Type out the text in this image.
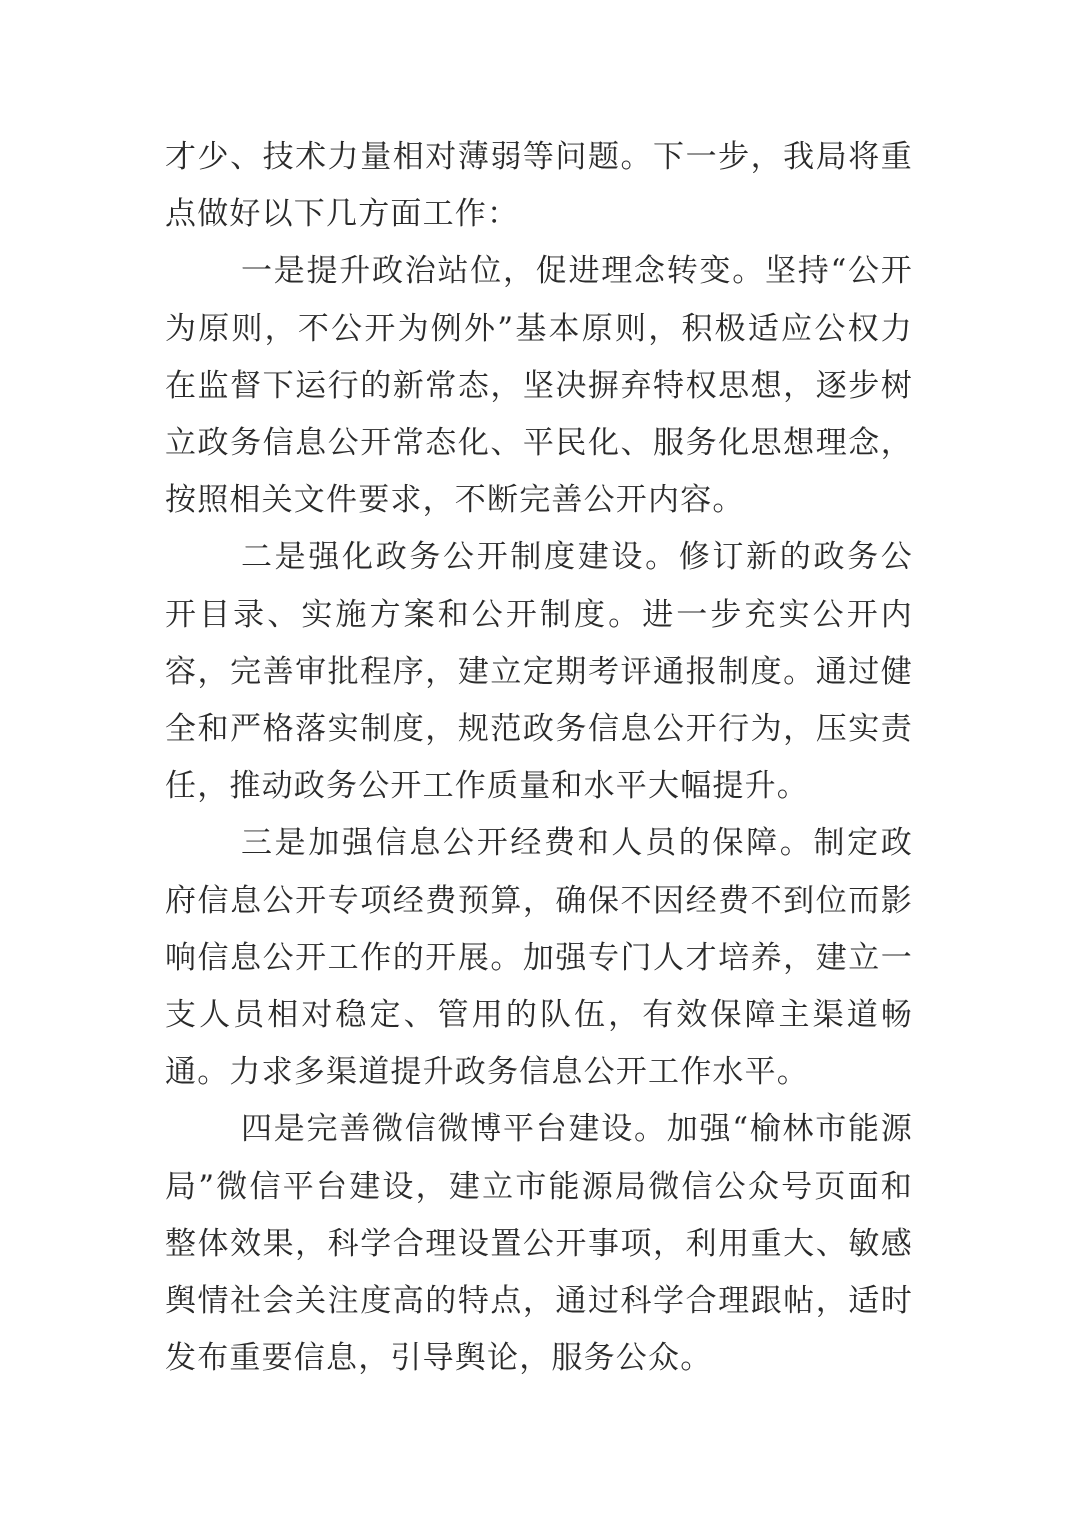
才少、技术力量相对薄弱等问题。下一步，我局将重点做好以下几方面工作：

一是提升政治站位，促进理念转变。坚持“公开为原则，不公开为例外”基本原则，积极适应公权力在监督下运行的新常态，坚决摒弃特权思想，逐步树立政务信息公开常态化、平民化、服务化思想理念，按照相关文件要求，不断完善公开内容。

二是强化政务公开制度建设。修订新的政务公开目录、实施方案和公开制度。进一步充实公开内容，完善审批程序，建立定期考评通报制度。通过健全和严格落实制度，规范政务信息公开行为，压实责任，推动政务公开工作质量和水平大幅提升。

三是加强信息公开经费和人员的保障。制定政府信息公开专项经费预算，确保不因经费不到位而影响信息公开工作的开展。加强专门人才培养，建立一支人员相对稳定、管用的队伍，有效保障主渠道畅通。力求多渠道提升政务信息公开工作水平。

四是完善微信微博平台建设。加强“榆林市能源局”微信平台建设，建立市能源局微信公众号页面和整体效果，科学合理设置公开事项，利用重大、敏感舆情社会关注度高的特点，通过科学合理跟帖，适时发布重要信息，引导舆论，服务公众。
